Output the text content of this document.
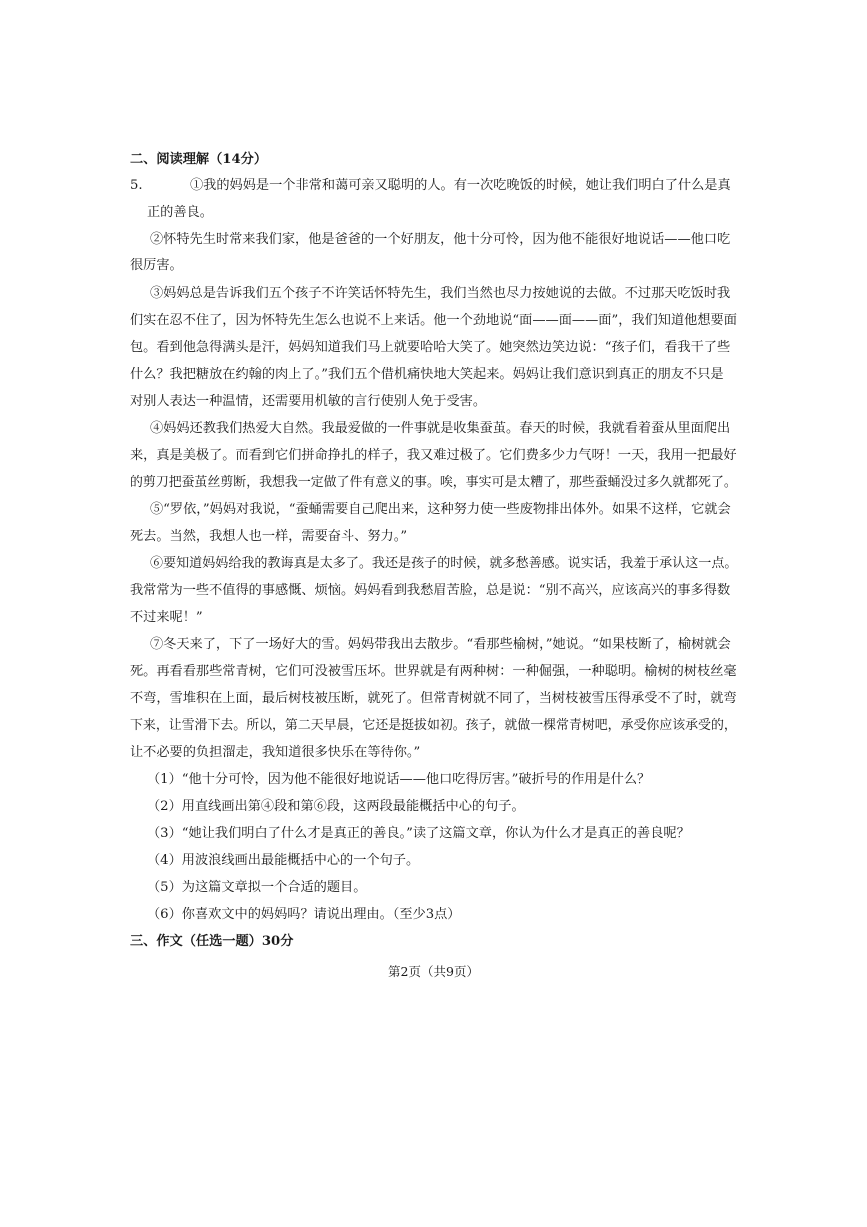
二、阅读理解（14分）
5.	①我的妈妈是一个非常和蔼可亲又聪明的人。有一次吃晚饭的时候，她让我们明白了什么是真
正的善良。
②怀特先生时常来我们家，他是爸爸的一个好朋友，他十分可怜，因为他不能很好地说话——他口吃
很厉害。
③妈妈总是告诉我们五个孩子不许笑话怀特先生，我们当然也尽力按她说的去做。不过那天吃饭时我
们实在忍不住了，因为怀特先生怎么也说不上来话。他一个劲地说“面——面——面”，我们知道他想要面
包。看到他急得满头是汗，妈妈知道我们马上就要哈哈大笑了。她突然边笑边说：“孩子们，看我干了些
什么？我把糖放在约翰的肉上了。”我们五个借机痛快地大笑起来。妈妈让我们意识到真正的朋友不只是
对别人表达一种温情，还需要用机敏的言行使别人免于受害。
④妈妈还教我们热爱大自然。我最爱做的一件事就是收集蚕茧。春天的时候，我就看着蚕从里面爬出
来，真是美极了。而看到它们拼命挣扎的样子，我又难过极了。它们费多少力气呀！一天，我用一把最好
的剪刀把蚕茧丝剪断，我想我一定做了件有意义的事。唉，事实可是太糟了，那些蚕蛹没过多久就都死了。
⑤“罗依，”妈妈对我说，“蚕蛹需要自己爬出来，这种努力使一些废物排出体外。如果不这样，它就会
死去。当然，我想人也一样，需要奋斗、努力。”
⑥要知道妈妈给我的教诲真是太多了。我还是孩子的时候，就多愁善感。说实话，我羞于承认这一点。
我常常为一些不值得的事感慨、烦恼。妈妈看到我愁眉苦脸，总是说：“别不高兴，应该高兴的事多得数
不过来呢！”
⑦冬天来了，下了一场好大的雪。妈妈带我出去散步。“看那些榆树，”她说。“如果枝断了，榆树就会
死。再看看那些常青树，它们可没被雪压坏。世界就是有两种树：一种倔强，一种聪明。榆树的树枝丝毫
不弯，雪堆积在上面，最后树枝被压断，就死了。但常青树就不同了，当树枝被雪压得承受不了时，就弯
下来，让雪滑下去。所以，第二天早晨，它还是挺拔如初。孩子，就做一棵常青树吧，承受你应该承受的，
让不必要的负担溜走，我知道很多快乐在等待你。”
（1）“他十分可怜，因为他不能很好地说话——他口吃得厉害。”破折号的作用是什么？
（2）用直线画出第④段和第⑥段，这两段最能概括中心的句子。
（3）“她让我们明白了什么才是真正的善良。”读了这篇文章，你认为什么才是真正的善良呢？
（4）用波浪线画出最能概括中心的一个句子。
（5）为这篇文章拟一个合适的题目。
（6）你喜欢文中的妈妈吗？请说出理由。（至少3点）
三、作文（任选一题）30分
第2页（共9页）
